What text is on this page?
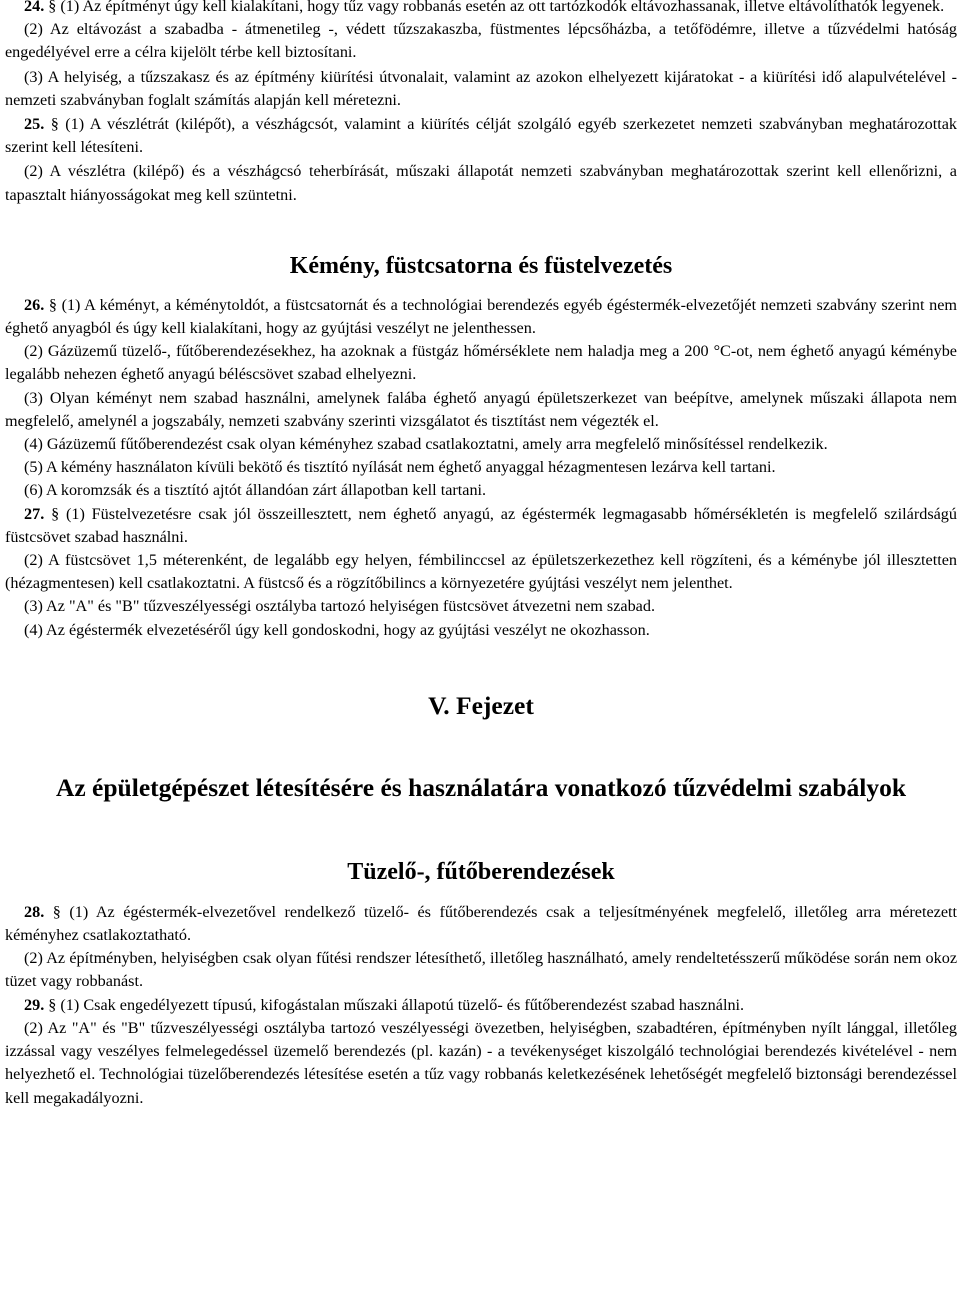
24. § (1) Az építményt úgy kell kialakítani, hogy tűz vagy robbanás esetén az ott tartózkodók eltávozhassanak, illetve eltávolíthatók legyenek.

(2) Az eltávozást a szabadba - átmenetileg -, védett tűzszakaszba, füstmentes lépcsőházba, a tetőfödémre, illetve a tűzvédelmi hatóság engedélyével erre a célra kijelölt térbe kell biztosítani.

(3) A helyiség, a tűzszakasz és az építmény kiürítési útvonalait, valamint az azokon elhelyezett kijáratokat - a kiürítési idő alapulvételével - nemzeti szabványban foglalt számítás alapján kell méretezni.

25. § (1) A vészlétrát (kilépőt), a vészhágcsót, valamint a kiürítés célját szolgáló egyéb szerkezetet nemzeti szabványban meghatározottak szerint kell létesíteni.

(2) A vészlétra (kilépő) és a vészhágcsó teherbírását, műszaki állapotát nemzeti szabványban meghatározottak szerint kell ellenőrizni, a tapasztalt hiányosságokat meg kell szüntetni.

Kémény, füstcsatorna és füstelvezetés

26. § (1) A kéményt, a kéménytoldót, a füstcsatornát és a technológiai berendezés egyéb égéstermék-elvezetőjét nemzeti szabvány szerint nem éghető anyagból és úgy kell kialakítani, hogy az gyújtási veszélyt ne jelenthessen.

(2) Gázüzemű tüzelő-, fűtőberendezésekhez, ha azoknak a füstgáz hőmérséklete nem haladja meg a 200 °C-ot, nem éghető anyagú kéménybe legalább nehezen éghető anyagú béléscsövet szabad elhelyezni.

(3) Olyan kéményt nem szabad használni, amelynek falába éghető anyagú épületszerkezet van beépítve, amelynek műszaki állapota nem megfelelő, amelynél a jogszabály, nemzeti szabvány szerinti vizsgálatot és tisztítást nem végezték el.

(4) Gázüzemű fűtőberendezést csak olyan kéményhez szabad csatlakoztatni, amely arra megfelelő minősítéssel rendelkezik.

(5) A kémény használaton kívüli bekötő és tisztító nyílását nem éghető anyaggal hézagmentesen lezárva kell tartani.

(6) A koromzsák és a tisztító ajtót állandóan zárt állapotban kell tartani.

27. § (1) Füstelvezetésre csak jól összeillesztett, nem éghető anyagú, az égéstermék legmagasabb hőmérsékletén is megfelelő szilárdságú füstcsövet szabad használni.

(2) A füstcsövet 1,5 méterenként, de legalább egy helyen, fémbilinccsel az épületszerkezethez kell rögzíteni, és a kéménybe jól illesztetten (hézagmentesen) kell csatlakoztatni. A füstcső és a rögzítőbilincs a környezetére gyújtási veszélyt nem jelenthet.

(3) Az "A" és "B" tűzveszélyességi osztályba tartozó helyiségen füstcsövet átvezetni nem szabad.

(4) Az égéstermék elvezetéséről úgy kell gondoskodni, hogy az gyújtási veszélyt ne okozhasson.

V. Fejezet
Az épületgépészet létesítésére és használatára vonatkozó tűzvédelmi szabályok
Tüzelő-, fűtőberendezések

28. § (1) Az égéstermék-elvezetővel rendelkező tüzelő- és fűtőberendezés csak a teljesítményének megfelelő, illetőleg arra méretezett kéményhez csatlakoztatható.

(2) Az építményben, helyiségben csak olyan fűtési rendszer létesíthető, illetőleg használható, amely rendeltetésszerű működése során nem okoz tüzet vagy robbanást.

29. § (1) Csak engedélyezett típusú, kifogástalan műszaki állapotú tüzelő- és fűtőberendezést szabad használni.

(2) Az "A" és "B" tűzveszélyességi osztályba tartozó veszélyességi övezetben, helyiségben, szabadtéren, építményben nyílt lánggal, illetőleg izzással vagy veszélyes felmelegedéssel üzemelő berendezés (pl. kazán) - a tevékenységet kiszolgáló technológiai berendezés kivételével - nem helyezhető el. Technológiai tüzelőberendezés létesítése esetén a tűz vagy robbanás keletkezésének lehetőségét megfelelő biztonsági berendezéssel kell megakadályozni.
